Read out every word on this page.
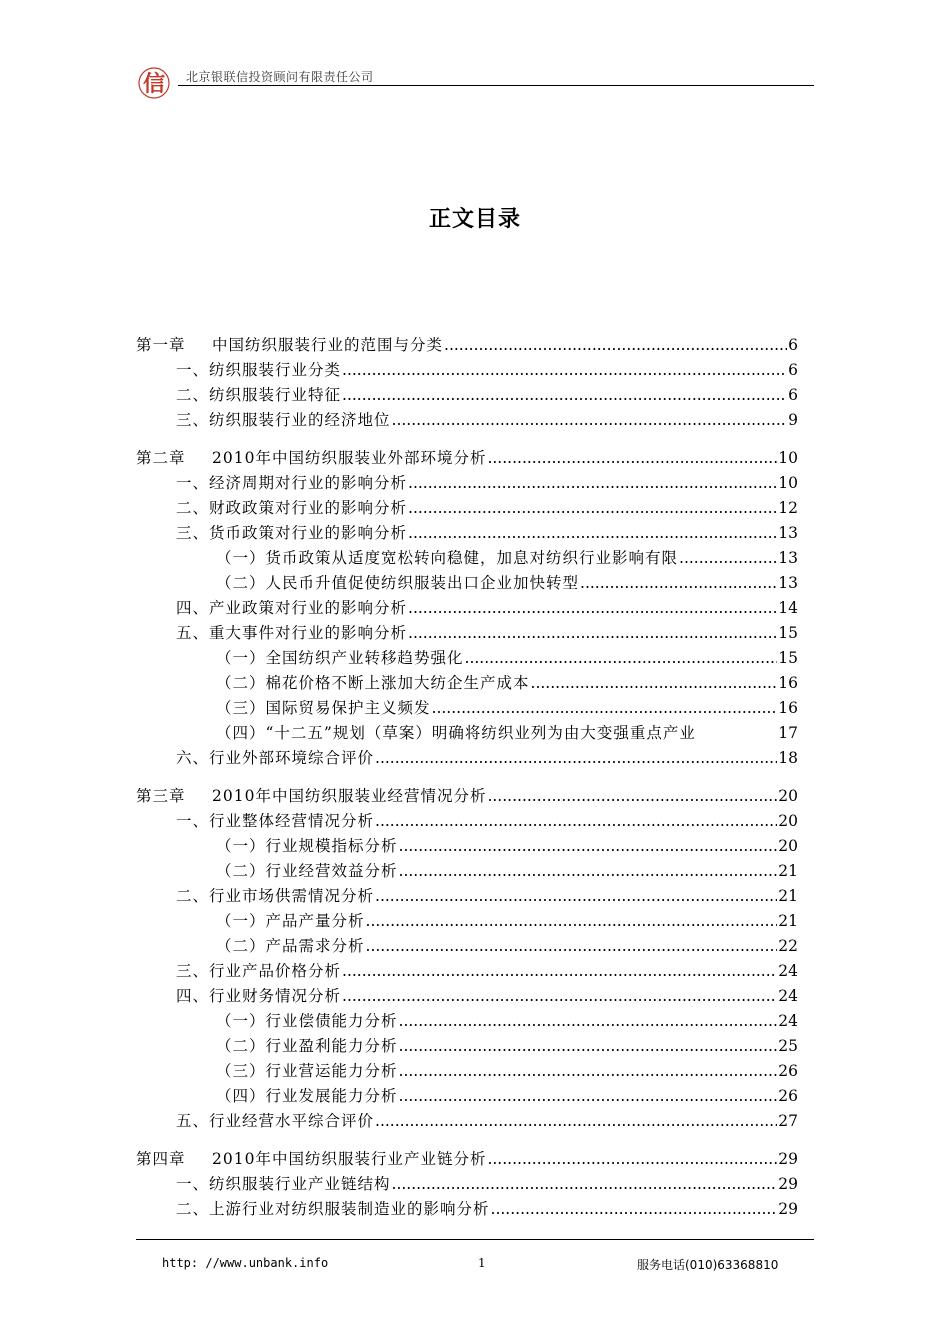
信 北京银联信投资顾问有限责任公司
正文目录
第一章 中国纺织服装行业的范围与分类 .....	6
一、纺织服装行业分类 .....	6
二、纺织服装行业特征 .....	6
三、纺织服装行业的经济地位 .....	9
第二章 2010年中国纺织服装业外部环境分析 .....	10
一、经济周期对行业的影响分析 .....	10
二、财政政策对行业的影响分析 .....	12
三、货币政策对行业的影响分析 .....	13
（一）货币政策从适度宽松转向稳健，加息对纺织行业影响有限 .....	13
（二）人民币升值促使纺织服装出口企业加快转型 .....	13
四、产业政策对行业的影响分析 .....	14
五、重大事件对行业的影响分析 .....	15
（一）全国纺织产业转移趋势强化 .....	15
（二）棉花价格不断上涨加大纺企生产成本 .....	16
（三）国际贸易保护主义频发 .....	16
（四）“十二五”规划（草案）明确将纺织业列为由大变强重点产业	17
六、行业外部环境综合评价 .....	18
第三章 2010年中国纺织服装业经营情况分析 .....	20
一、行业整体经营情况分析 .....	20
（一）行业规模指标分析 .....	20
（二）行业经营效益分析 .....	21
二、行业市场供需情况分析 .....	21
（一）产品产量分析 .....	21
（二）产品需求分析 .....	22
三、行业产品价格分析 .....	24
四、行业财务情况分析 .....	24
（一）行业偿债能力分析 .....	24
（二）行业盈利能力分析 .....	25
（三）行业营运能力分析 .....	26
（四）行业发展能力分析 .....	26
五、行业经营水平综合评价 .....	27
第四章 2010年中国纺织服装行业产业链分析 .....	29
一、纺织服装行业产业链结构 .....	29
二、上游行业对纺织服装制造业的影响分析 .....	29
http: //www.unbank.info	1	服务电话(010)63368810
